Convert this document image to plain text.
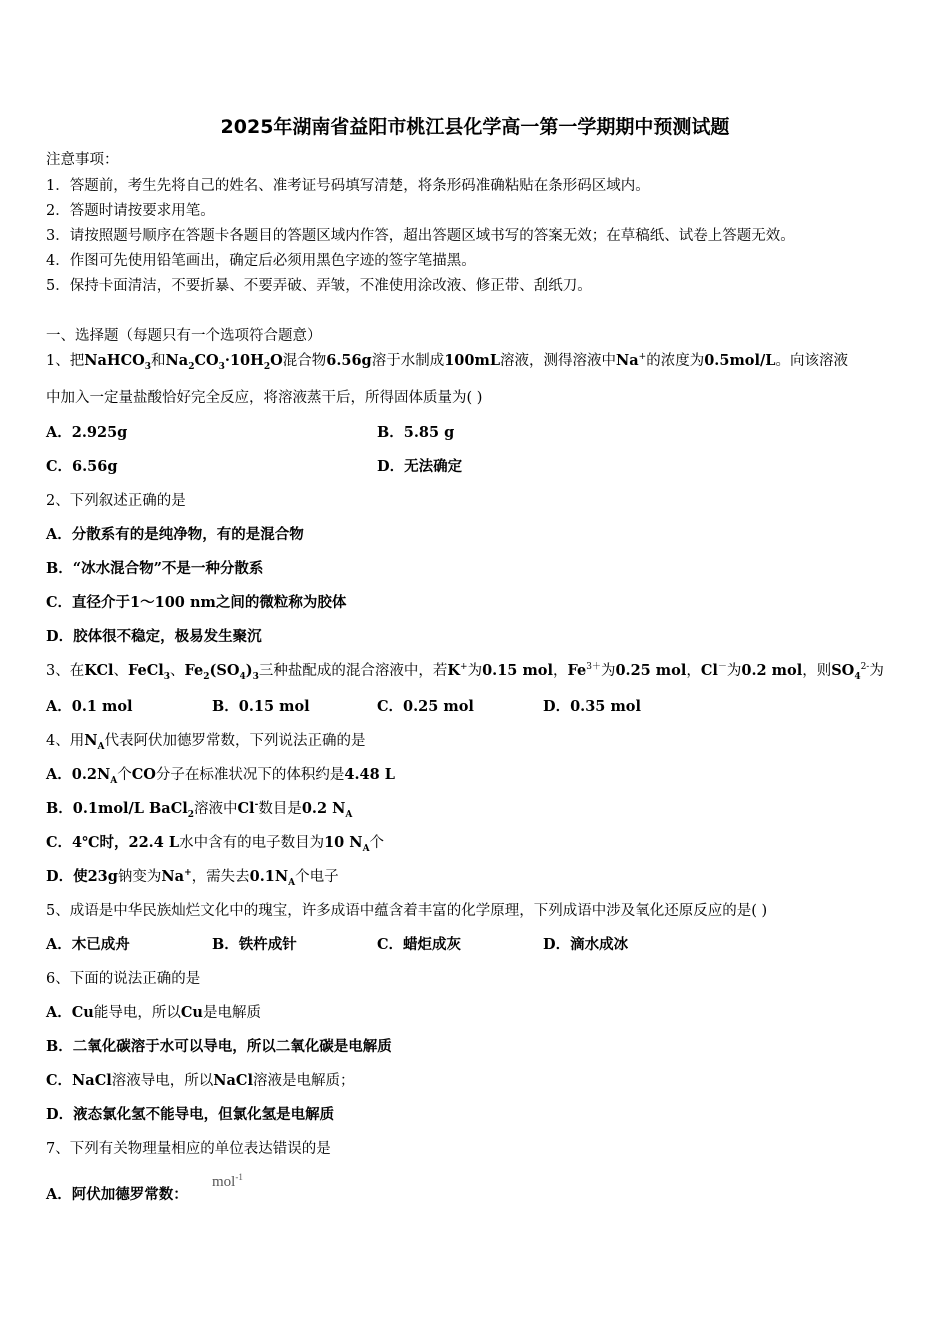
2025年湖南省益阳市桃江县化学高一第一学期期中预测试题
注意事项：
1．答题前，考生先将自己的姓名、准考证号码填写清楚，将条形码准确粘贴在条形码区域内。
2．答题时请按要求用笔。
3．请按照题号顺序在答题卡各题目的答题区域内作答，超出答题区域书写的答案无效；在草稿纸、试卷上答题无效。
4．作图可先使用铅笔画出，确定后必须用黑色字迹的签字笔描黑。
5．保持卡面清洁，不要折暴、不要弄破、弄皱，不准使用涂改液、修正带、刮纸刀。
一、选择题（每题只有一个选项符合题意）
1、把NaHCO$_3$和$Na_2CO_3\cdot 10H_2O$混合物6.56g溶于水制成100mL溶液，测得溶液中Na+的浓度为0.5mol/L。向该溶液
中加入一定量盐酸恰好完全反应，将溶液蒸干后，所得固体质量为( )
A．2.925g	B．5.85 g
C．6.56g	D．无法确定
2、下列叙述正确的是
A．分散系有的是纯净物，有的是混合物
B．“冰水混合物”不是一种分散系
C．直径介于1～100 nm之间的微粒称为胶体
D．胶体很不稳定，极易发生聚沉
3、在KCl、FeCl$_3$、$Fe_2(SO_4)_3$三种盐配成的混合溶液中，若K+为0.15 mol，$Fe^{3+}$为0.25 mol，Cl－为0.2 mol，则$SO_4^{2-}$为
A．0.1 mol	B．0.15 mol	C．0.25 mol	D．0.35 mol
4、用$N_A$代表阿伏加德罗常数，下列说法正确的是
A．$0.2N_A$个CO分子在标准状况下的体积约是4.48 L
B．0.1mol/L BaCl$_2$溶液中Cl-数目是0.2 $N_A$
C．4℃时，22.4 L水中含有的电子数目为10 $N_A$个
D．使23g钠变为Na+，需失去$0.1N_A$个电子
5、成语是中华民族灿烂文化中的瑰宝，许多成语中蕴含着丰富的化学原理，下列成语中涉及氧化还原反应的是( )
A．木已成舟	B．铁杵成针	C．蜡炬成灰	D．滴水成冰
6、下面的说法正确的是
A．Cu能导电，所以Cu是电解质
B．二氧化碳溶于水可以导电，所以二氧化碳是电解质
C．NaCl溶液导电，所以NaCl溶液是电解质；
D．液态氯化氢不能导电，但氯化氢是电解质
7、下列有关物理量相应的单位表达错误的是
A．阿伏加德罗常数：
mol$^{-1}$
